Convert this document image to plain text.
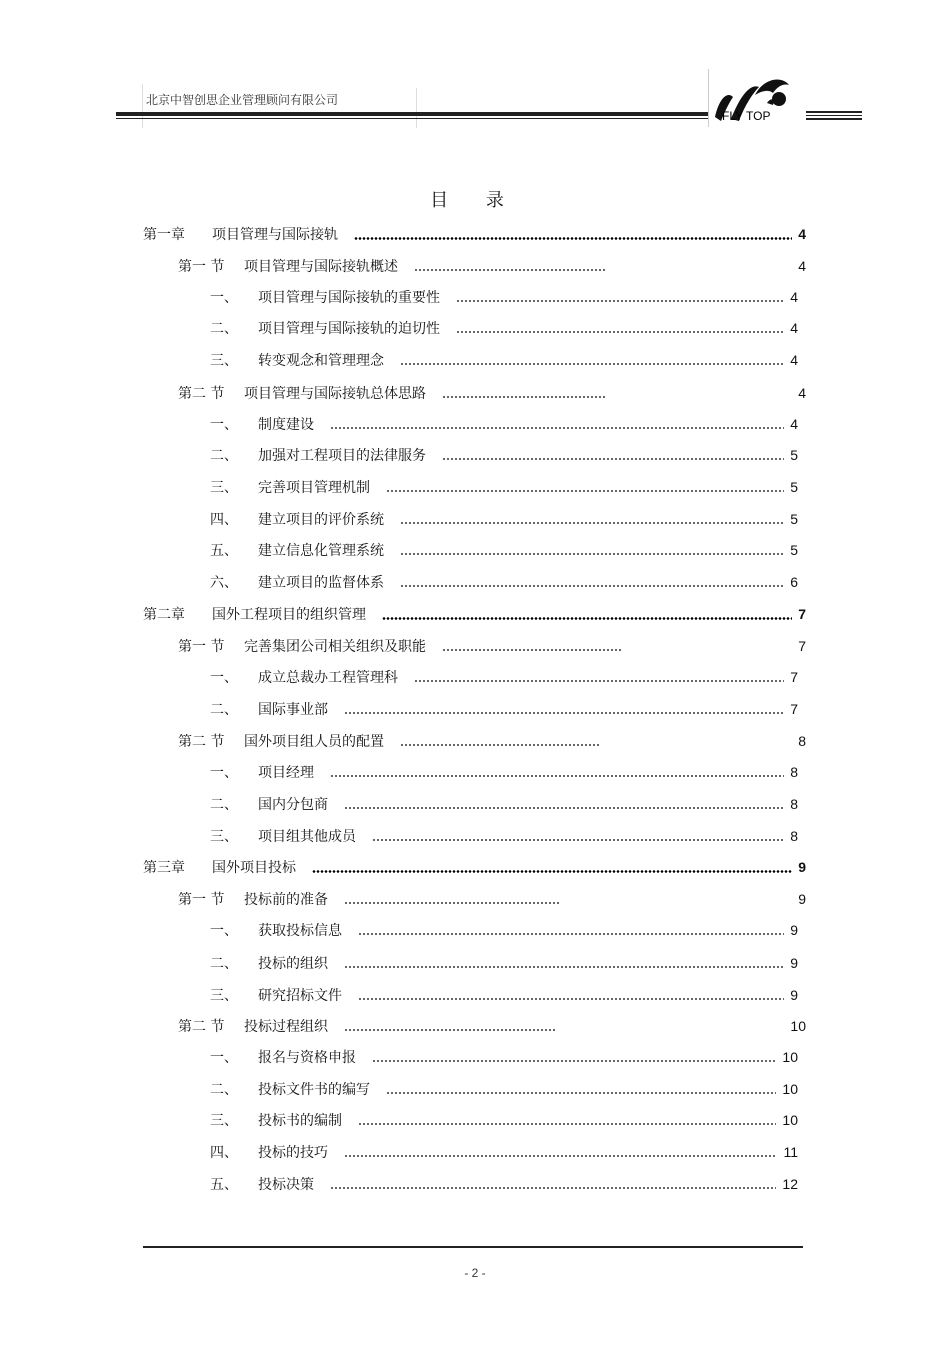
北京中智创思企业管理顾问有限公司
FLY TOP
目 录
第一章	项目管理与国际接轨	4
第一 节	项目管理与国际接轨概述	4
一、	项目管理与国际接轨的重要性	4
二、	项目管理与国际接轨的迫切性	4
三、	转变观念和管理理念	4
第二 节	项目管理与国际接轨总体思路	4
一、	制度建设	4
二、	加强对工程项目的法律服务	5
三、	完善项目管理机制	5
四、	建立项目的评价系统	5
五、	建立信息化管理系统	5
六、	建立项目的监督体系	6
第二章	国外工程项目的组织管理	7
第一 节	完善集团公司相关组织及职能	7
一、	成立总裁办工程管理科	7
二、	国际事业部	7
第二 节	国外项目组人员的配置	8
一、	项目经理	8
二、	国内分包商	8
三、	项目组其他成员	8
第三章	国外项目投标	9
第一 节	投标前的准备	9
一、	获取投标信息	9
二、	投标的组织	9
三、	研究招标文件	9
第二 节	投标过程组织	10
一、	报名与资格申报	10
二、	投标文件书的编写	10
三、	投标书的编制	10
四、	投标的技巧	11
五、	投标决策	12
- 2 -
